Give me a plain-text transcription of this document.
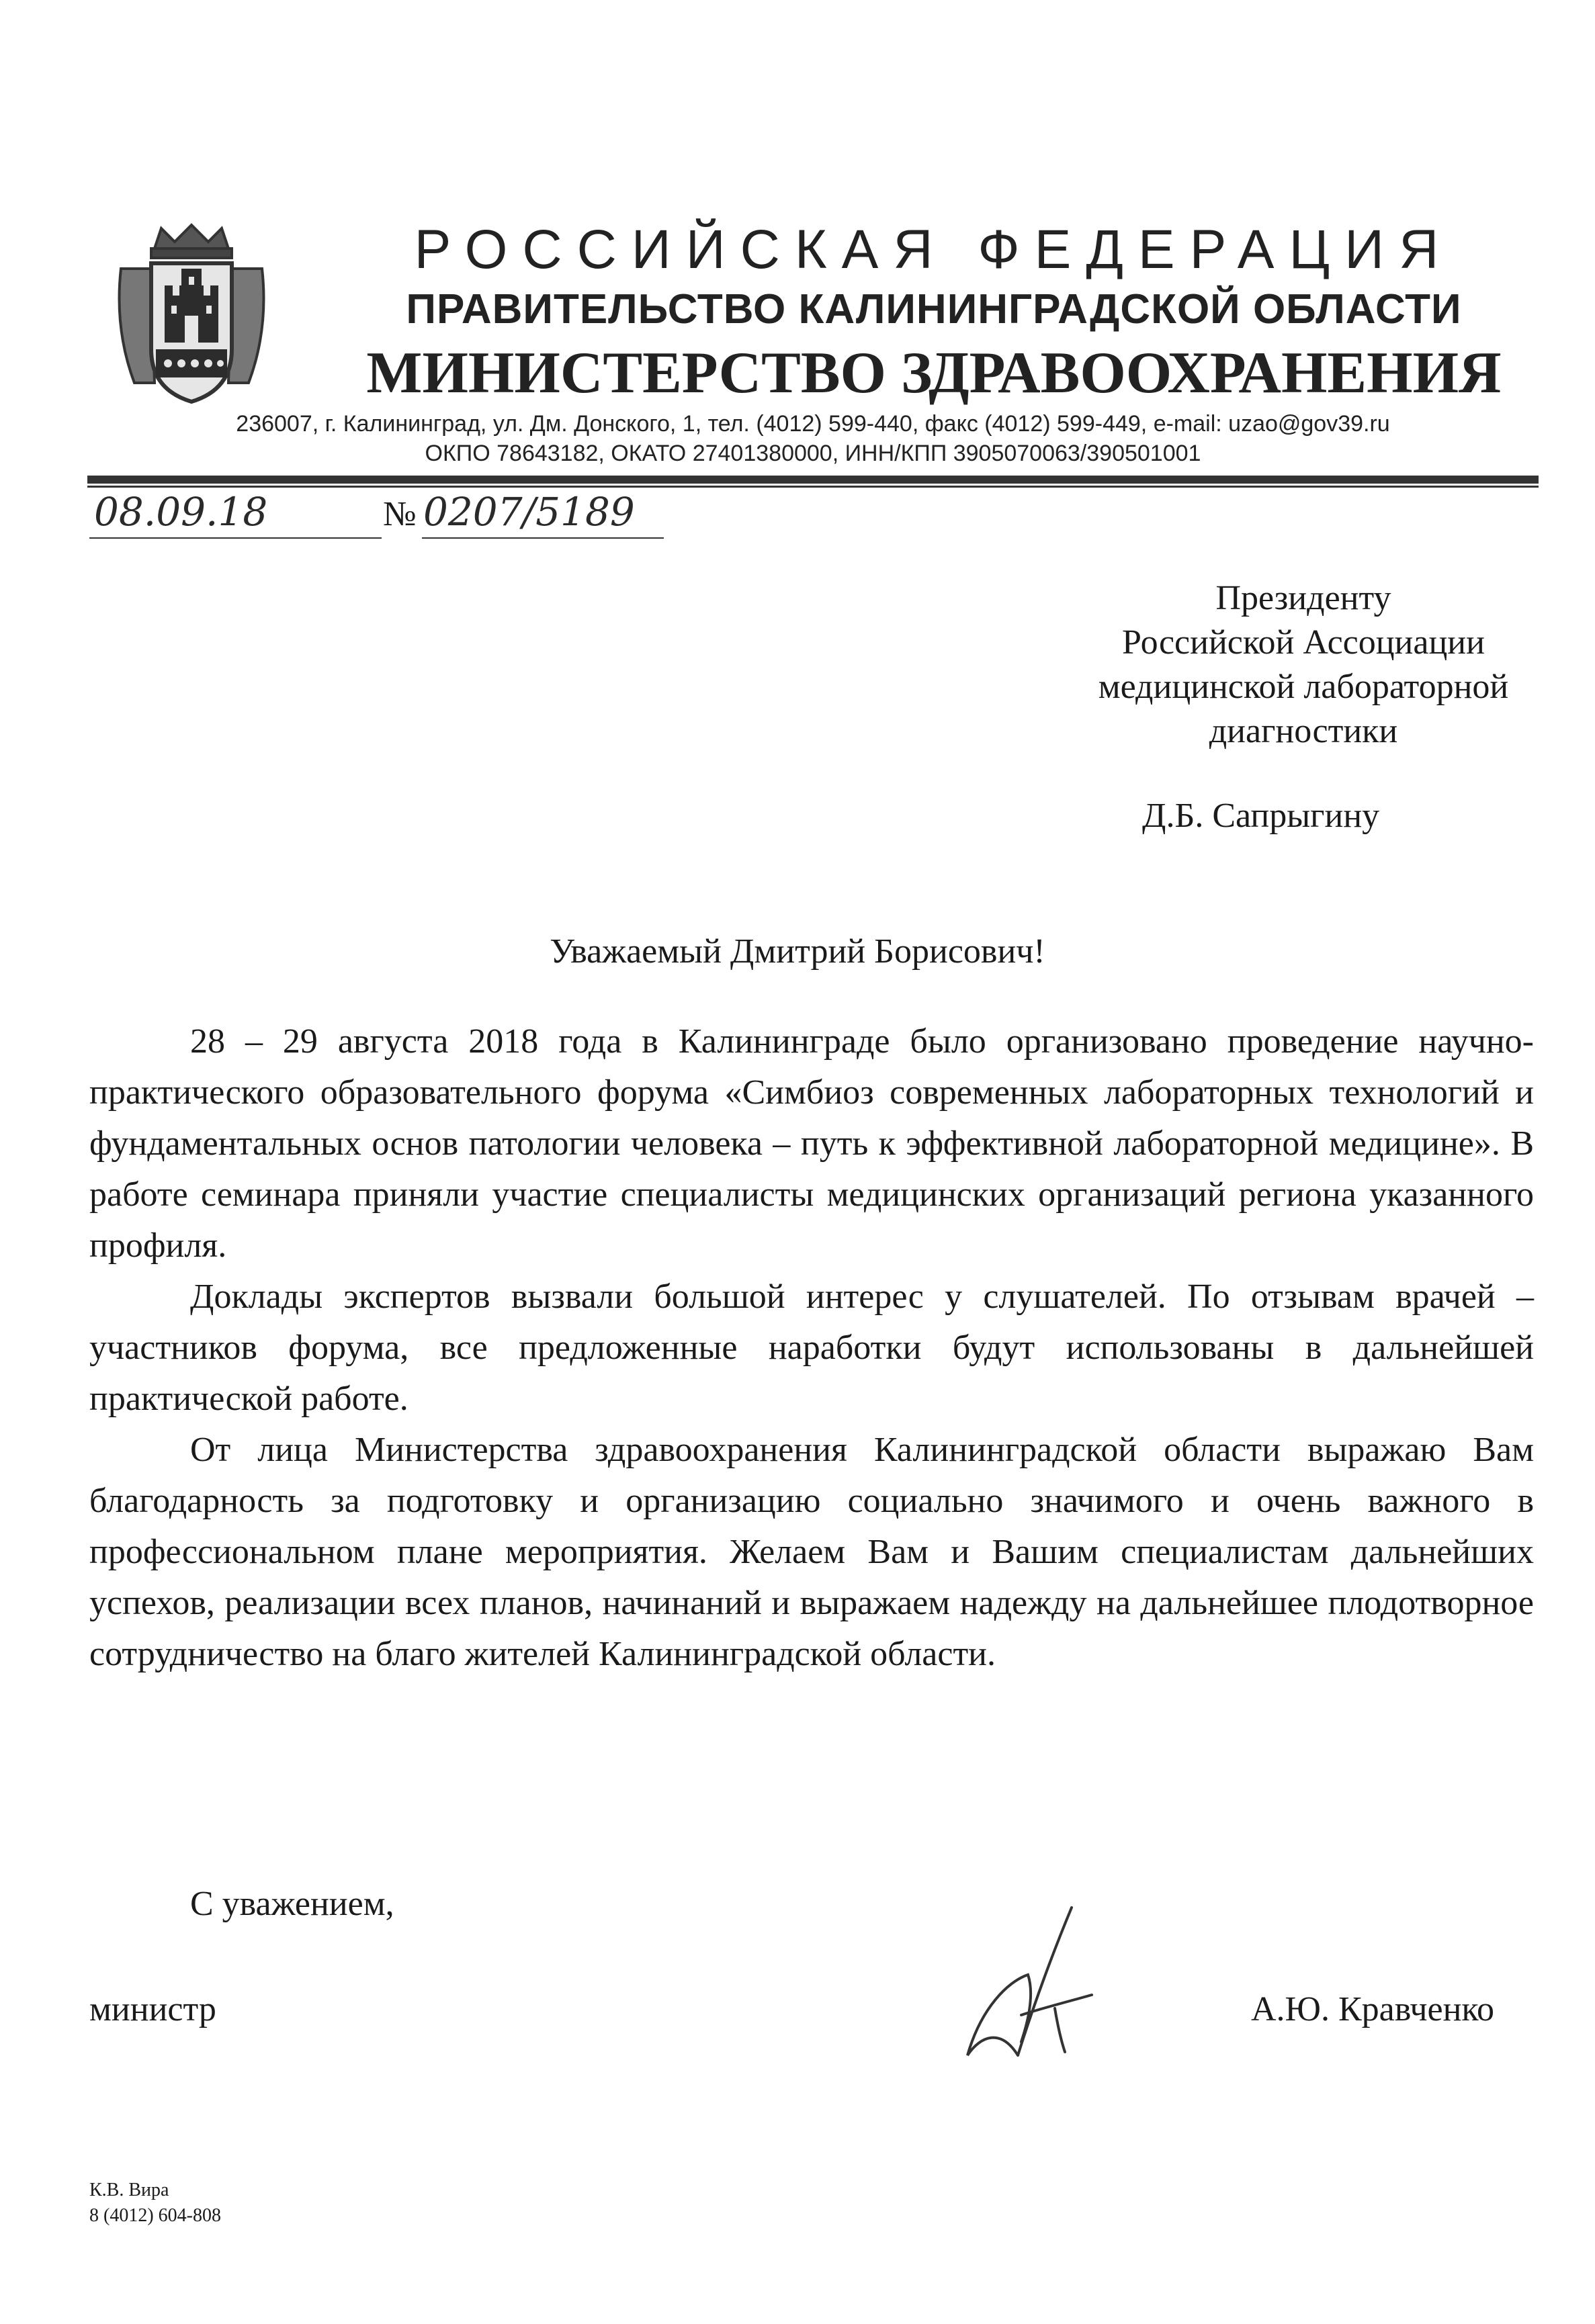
РОССИЙСКАЯ ФЕДЕРАЦИЯ
ПРАВИТЕЛЬСТВО КАЛИНИНГРАДСКОЙ ОБЛАСТИ
МИНИСТЕРСТВО ЗДРАВООХРАНЕНИЯ
236007, г. Калининград, ул. Дм. Донского, 1, тел. (4012) 599-440, факс (4012) 599-449, e-mail: uzao@gov39.ru
ОКПО 78643182, ОКАТО 27401380000, ИНН/КПП 3905070063/390501001
08.09.18	№ 0207/5189
Президенту
Российской Ассоциации
медицинской лабораторной
диагностики
Д.Б. Сапрыгину
Уважаемый Дмитрий Борисович!

28 – 29 августа 2018 года в Калининграде было организовано проведение научно-практического образовательного форума «Симбиоз современных лабораторных технологий и фундаментальных основ патологии человека – путь к эффективной лабораторной медицине». В работе семинара приняли участие специалисты медицинских организаций региона указанного профиля.

Доклады экспертов вызвали большой интерес у слушателей. По отзывам врачей – участников форума, все предложенные наработки будут использованы в дальнейшей практической работе.

От лица Министерства здравоохранения Калининградской области выражаю Вам благодарность за подготовку и организацию социально значимого и очень важного в профессиональном плане мероприятия. Желаем Вам и Вашим специалистам дальнейших успехов, реализации всех планов, начинаний и выражаем надежду на дальнейшее плодотворное сотрудничество на благо жителей Калининградской области.

С уважением,
министр	А.Ю. Кравченко
К.В. Вира
8 (4012) 604-808
